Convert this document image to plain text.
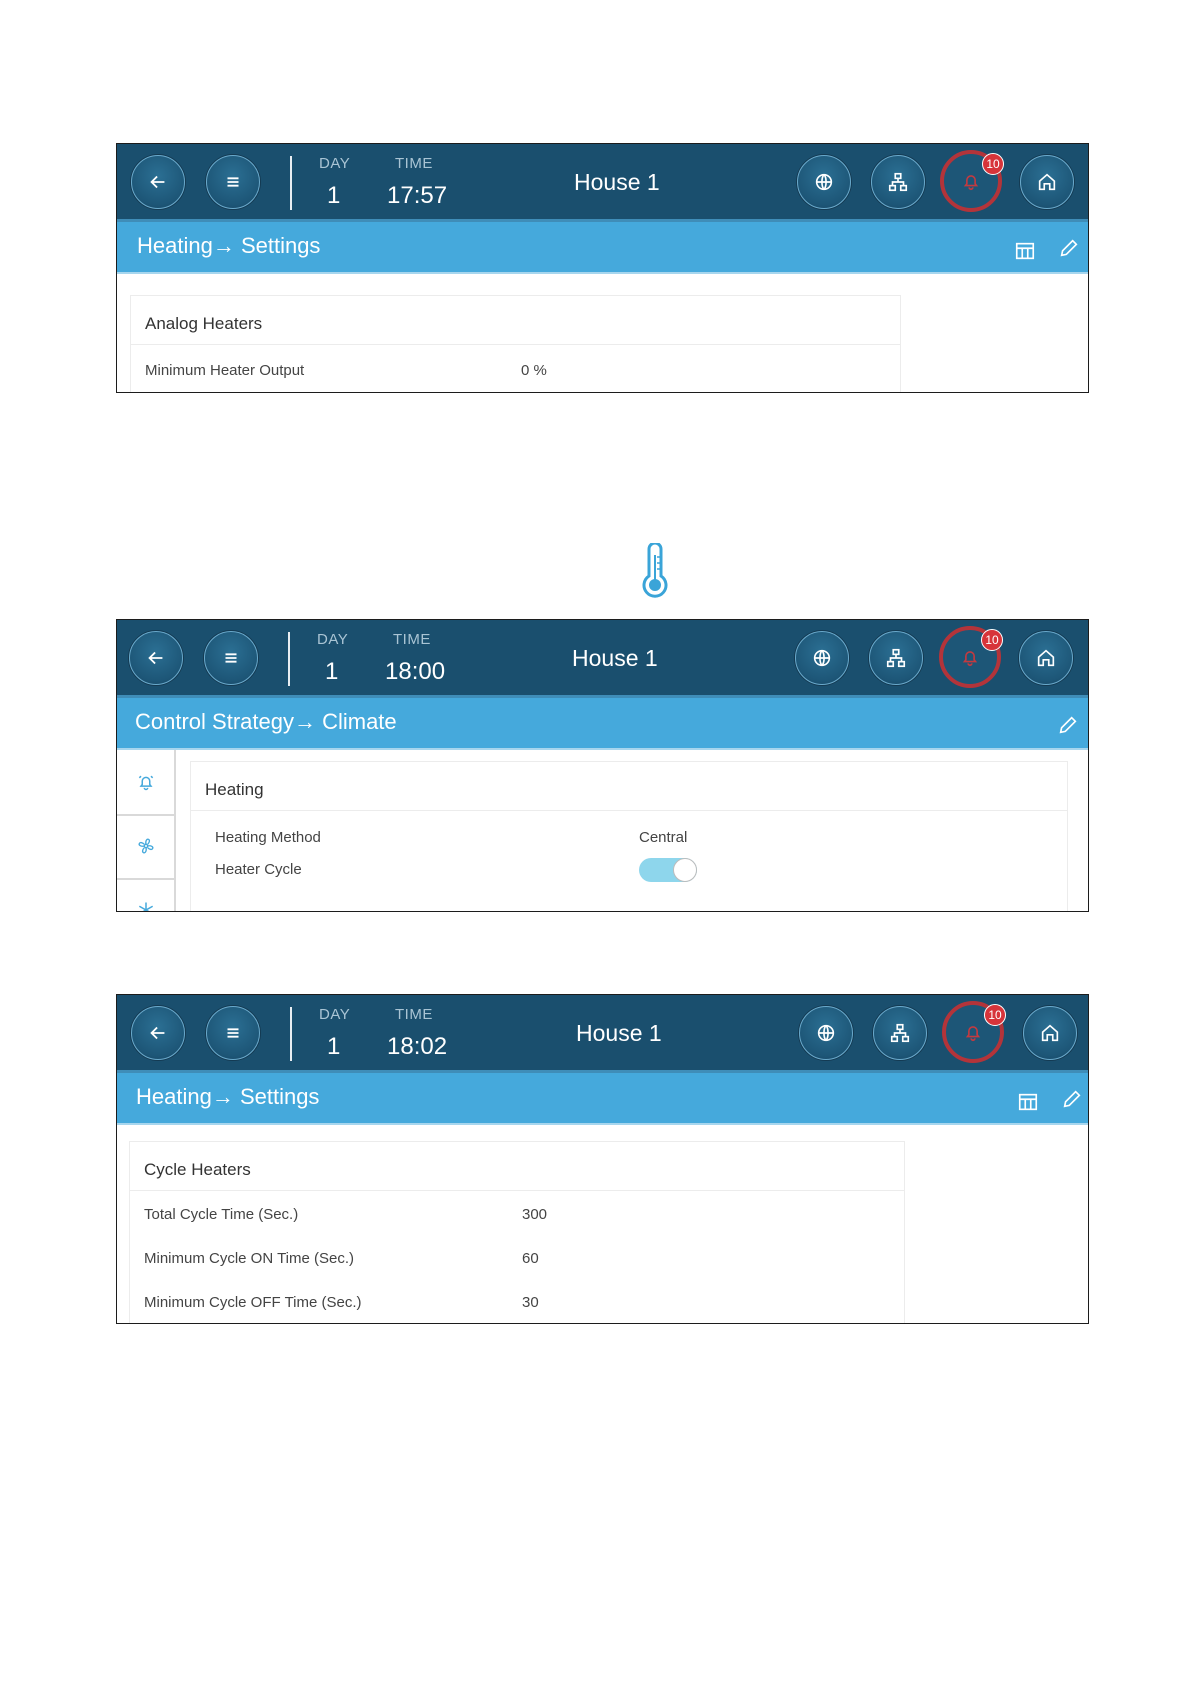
DAY
1
TIME
17:57	House 1
10
Heating→ Settings
Analog Heaters
Minimum Heater Output	0 %
DAY
1
TIME
18:00	House 1
10
Control Strategy→ Climate
Heating
Heating Method	Central
Heater Cycle
DAY
1
TIME
18:02	House 1
10
Heating→ Settings
Cycle Heaters
Total Cycle Time (Sec.)	300
Minimum Cycle ON Time (Sec.)	60
Minimum Cycle OFF Time (Sec.)	30
